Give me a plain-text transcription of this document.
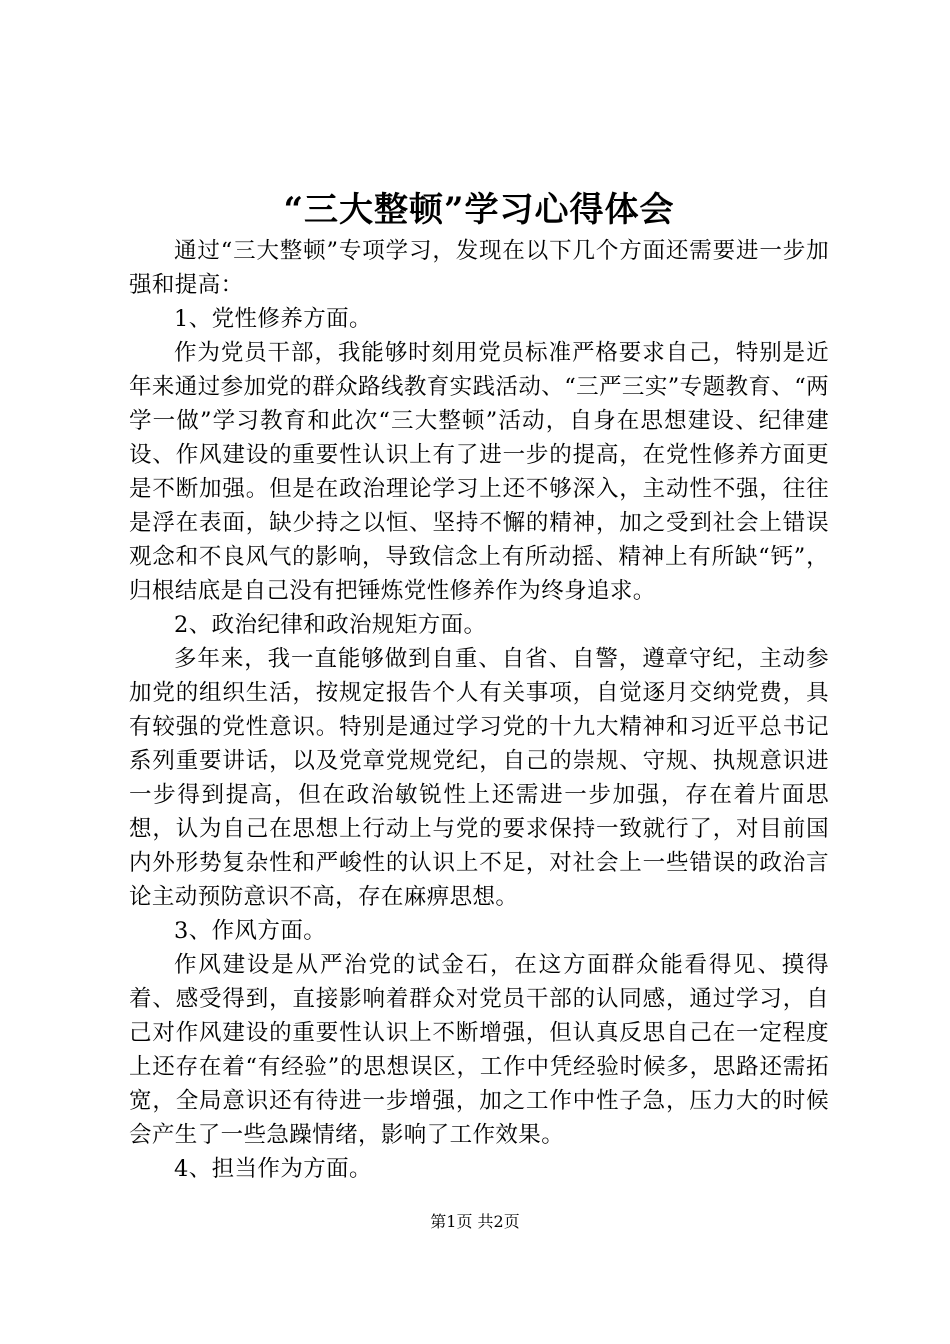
“三大整顿”学习心得体会

通过“三大整顿”专项学习，发现在以下几个方面还需要进一步加强和提高：

1、党性修养方面。

作为党员干部，我能够时刻用党员标准严格要求自己，特别是近年来通过参加党的群众路线教育实践活动、“三严三实”专题教育、“两学一做”学习教育和此次“三大整顿”活动，自身在思想建设、纪律建设、作风建设的重要性认识上有了进一步的提高，在党性修养方面更是不断加强。但是在政治理论学习上还不够深入，主动性不强，往往是浮在表面，缺少持之以恒、坚持不懈的精神，加之受到社会上错误观念和不良风气的影响，导致信念上有所动摇、精神上有所缺“钙”，归根结底是自己没有把锤炼党性修养作为终身追求。

2、政治纪律和政治规矩方面。

多年来，我一直能够做到自重、自省、自警，遵章守纪，主动参加党的组织生活，按规定报告个人有关事项，自觉逐月交纳党费，具有较强的党性意识。特别是通过学习党的十九大精神和习近平总书记系列重要讲话，以及党章党规党纪，自己的崇规、守规、执规意识进一步得到提高，但在政治敏锐性上还需进一步加强，存在着片面思想，认为自己在思想上行动上与党的要求保持一致就行了，对目前国内外形势复杂性和严峻性的认识上不足，对社会上一些错误的政治言论主动预防意识不高，存在麻痹思想。

3、作风方面。

作风建设是从严治党的试金石，在这方面群众能看得见、摸得着、感受得到，直接影响着群众对党员干部的认同感，通过学习，自己对作风建设的重要性认识上不断增强，但认真反思自己在一定程度上还存在着“有经验”的思想误区，工作中凭经验时候多，思路还需拓宽，全局意识还有待进一步增强，加之工作中性子急，压力大的时候会产生了一些急躁情绪，影响了工作效果。

4、担当作为方面。

第1页 共2页
